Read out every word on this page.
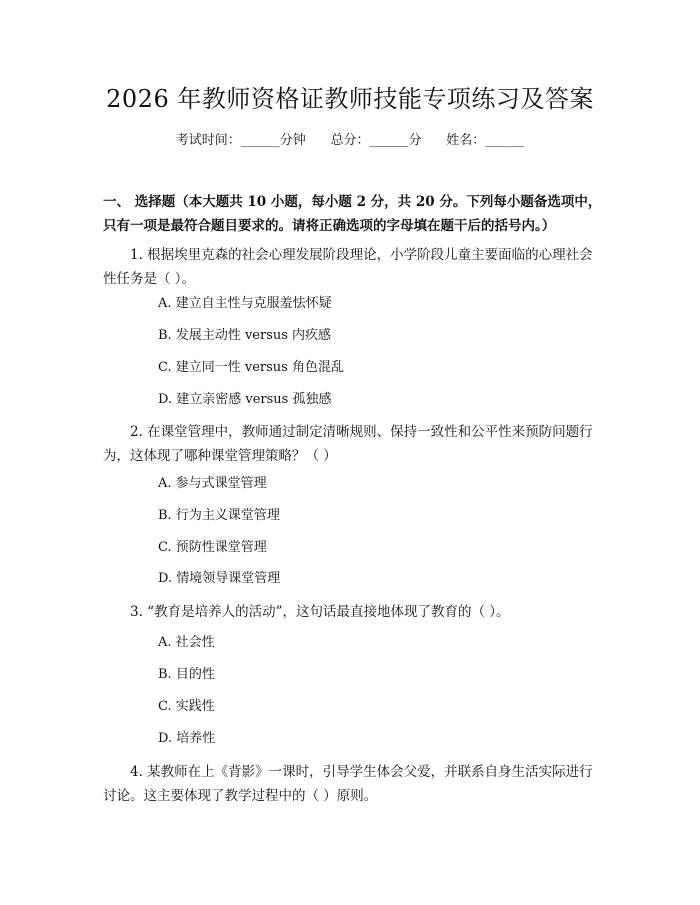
2026 年教师资格证教师技能专项练习及答案
考试时间：______分钟      总分：______分      姓名：______
一、 选择题（本大题共 10 小题，每小题 2 分，共 20 分。下列每小题备选项中，只有一项是最符合题目要求的。请将正确选项的字母填在题干后的括号内。）
1. 根据埃里克森的社会心理发展阶段理论，小学阶段儿童主要面临的心理社会性任务是（ ）。
A. 建立自主性与克服羞怯怀疑
B. 发展主动性 versus 内疚感
C. 建立同一性 versus 角色混乱
D. 建立亲密感 versus 孤独感
2. 在课堂管理中，教师通过制定清晰规则、保持一致性和公平性来预防问题行为，这体现了哪种课堂管理策略？（ ）
A. 参与式课堂管理
B. 行为主义课堂管理
C. 预防性课堂管理
D. 情境领导课堂管理
3. “教育是培养人的活动”，这句话最直接地体现了教育的（ ）。
A. 社会性
B. 目的性
C. 实践性
D. 培养性
4. 某教师在上《背影》一课时，引导学生体会父爱，并联系自身生活实际进行讨论。这主要体现了教学过程中的（ ）原则。
